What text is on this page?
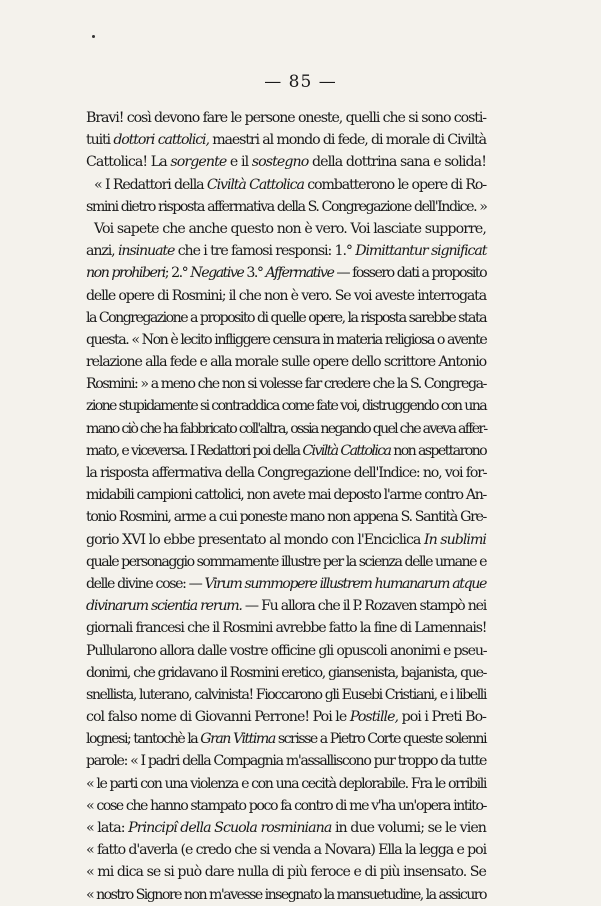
— 85 —
Bravi! così devono fare le persone oneste, quelli che si sono costi-
tuiti dottori cattolici, maestri al mondo di fede, di morale di Civiltà
Cattolica! La sorgente e il sostegno della dottrina sana e solida!
« I Redattori della Civiltà Cattolica combatterono le opere di Ro-
smini dietro risposta affermativa della S. Congregazione dell'Indice. »
Voi sapete che anche questo non è vero. Voi lasciate supporre,
anzi, insinuate che i tre famosi responsi: 1.° Dimittantur significat
non prohiberi; 2.° Negative 3.° Affermative — fossero dati a proposito
delle opere di Rosmini; il che non è vero. Se voi aveste interrogata
la Congregazione a proposito di quelle opere, la risposta sarebbe stata
questa. « Non è lecito infliggere censura in materia religiosa o avente
relazione alla fede e alla morale sulle opere dello scrittore Antonio
Rosmini: » a meno che non si volesse far credere che la S. Congrega-
zione stupidamente si contraddica come fate voi, distruggendo con una
mano ciò che ha fabbricato coll'altra, ossia negando quel che aveva affer-
mato, e viceversa. I Redattori poi della Civiltà Cattolica non aspettarono
la risposta affermativa della Congregazione dell'Indice: no, voi for-
midabili campioni cattolici, non avete mai deposto l'arme contro An-
tonio Rosmini, arme a cui poneste mano non appena S. Santità Gre-
gorio XVI lo ebbe presentato al mondo con l'Enciclica In sublimi
quale personaggio sommamente illustre per la scienza delle umane e
delle divine cose: — Virum summopere illustrem humanarum atque
divinarum scientia rerum. — Fu allora che il P. Rozaven stampò nei
giornali francesi che il Rosmini avrebbe fatto la fine di Lamennais!
Pullularono allora dalle vostre officine gli opuscoli anonimi e pseu-
donimi, che gridavano il Rosmini eretico, giansenista, bajanista, que-
snellista, luterano, calvinista! Fioccarono gli Eusebi Cristiani, e i libelli
col falso nome di Giovanni Perrone! Poi le Postille, poi i Preti Bo-
lognesi; tantochè la Gran Vittima scrisse a Pietro Corte queste solenni
parole: « I padri della Compagnia m'assalliscono pur troppo da tutte
« le parti con una violenza e con una cecità deplorabile. Fra le orribili
« cose che hanno stampato poco fa contro di me v'ha un'opera intito-
« lata: Principî della Scuola rosminiana in due volumi; se le vien
« fatto d'averla (e credo che si venda a Novara) Ella la legga e poi
« mi dica se si può dare nulla di più feroce e di più insensato. Se
« nostro Signore non m'avesse insegnato la mansuetudine, la assicuro
